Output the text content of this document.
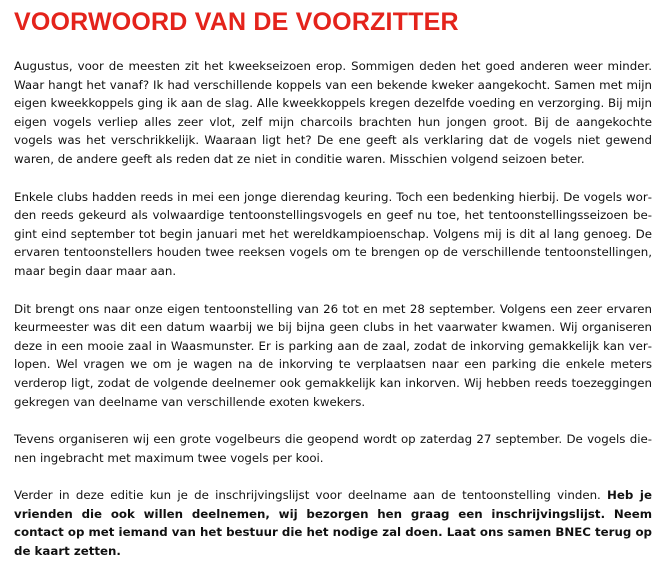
VOORWOORD VAN DE VOORZITTER

Augustus, voor de meesten zit het kweekseizoen erop. Sommigen deden het goed anderen weer minder. Waar hangt het vanaf? Ik had verschillende koppels van een bekende kweker aangekocht. Samen met mijn eigen kweekkoppels ging ik aan de slag. Alle kweekkoppels kregen dezelfde voeding en verzorging. Bij mijn eigen vogels verliep alles zeer vlot, zelf mijn charcoils brachten hun jongen groot. Bij de aangekochte vogels was het verschrikkelijk. Waaraan ligt het? De ene geeft als verklaring dat de vogels niet gewend waren, de andere geeft als reden dat ze niet in conditie waren. Misschien volgend seizoen beter.

Enkele clubs hadden reeds in mei een jonge dierendag keuring. Toch een bedenking hierbij. De vogels worden reeds gekeurd als volwaardige tentoonstellingsvogels en geef nu toe, het tentoonstellingsseizoen begint eind september tot begin januari met het wereldkampioenschap. Volgens mij is dit al lang genoeg. De ervaren tentoonstellers houden twee reeksen vogels om te brengen op de verschillende tentoonstellingen, maar begin daar maar aan.

Dit brengt ons naar onze eigen tentoonstelling van 26 tot en met 28 september. Volgens een zeer ervaren keurmeester was dit een datum waarbij we bij bijna geen clubs in het vaarwater kwamen. Wij organiseren deze in een mooie zaal in Waasmunster. Er is parking aan de zaal, zodat de inkorving gemakkelijk kan verlopen. Wel vragen we om je wagen na de inkorving te verplaatsen naar een parking die enkele meters verderop ligt, zodat de volgende deelnemer ook gemakkelijk kan inkorven. Wij hebben reeds toezeggingen gekregen van deelname van verschillende exoten kwekers.

Tevens organiseren wij een grote vogelbeurs die geopend wordt op zaterdag 27 september. De vogels dienen ingebracht met maximum twee vogels per kooi.

Verder in deze editie kun je de inschrijvingslijst voor deelname aan de tentoonstelling vinden. Heb je vrienden die ook willen deelnemen, wij bezorgen hen graag een inschrijvingslijst. Neem contact op met iemand van het bestuur die het nodige zal doen. Laat ons samen BNEC terug op de kaart zetten.
